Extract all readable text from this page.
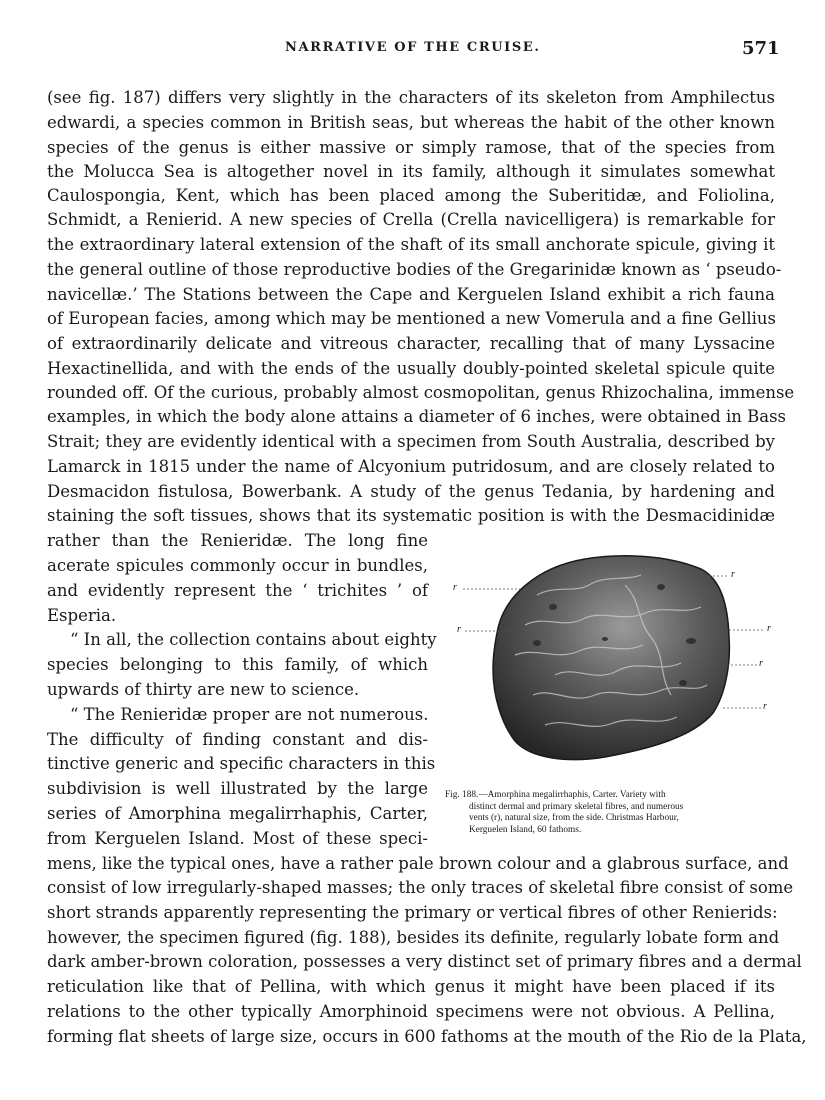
NARRATIVE OF THE CRUISE.	571
(see fig. 187) differs very slightly in the characters of its skeleton from Amphilectus
edwardi, a species common in British seas, but whereas the habit of the other known
species of the genus is either massive or simply ramose, that of the species from
the Molucca Sea is altogether novel in its family, although it simulates somewhat
Caulospongia, Kent, which has been placed among the Suberitidæ, and Foliolina,
Schmidt, a Renierid. A new species of Crella (Crella navicelligera) is remarkable for
the extraordinary lateral extension of the shaft of its small anchorate spicule, giving it
the general outline of those reproductive bodies of the Gregarinidæ known as ‘ pseudo-
navicellæ.’ The Stations between the Cape and Kerguelen Island exhibit a rich fauna
of European facies, among which may be mentioned a new Vomerula and a fine Gellius
of extraordinarily delicate and vitreous character, recalling that of many Lyssacine
Hexactinellida, and with the ends of the usually doubly-pointed skeletal spicule quite
rounded off. Of the curious, probably almost cosmopolitan, genus Rhizochalina, immense
examples, in which the body alone attains a diameter of 6 inches, were obtained in Bass
Strait; they are evidently identical with a specimen from South Australia, described by
Lamarck in 1815 under the name of Alcyonium putridosum, and are closely related to
Desmacidon fistulosa, Bowerbank. A study of the genus Tedania, by hardening and
staining the soft tissues, shows that its systematic position is with the Desmacidinidæ
rather than the Renieridæ. The long fine
acerate spicules commonly occur in bundles,
and evidently represent the ‘ trichites ’ of
Esperia.
“ In all, the collection contains about eighty
species belonging to this family, of which
upwards of thirty are new to science.
“ The Renieridæ proper are not numerous.
The difficulty of finding constant and dis-
tinctive generic and specific characters in this
subdivision is well illustrated by the large
series of Amorphina megalirrhaphis, Carter,
from Kerguelen Island. Most of these speci-
mens, like the typical ones, have a rather pale brown colour and a glabrous surface, and
consist of low irregularly-shaped masses; the only traces of skeletal fibre consist of some
short strands apparently representing the primary or vertical fibres of other Renierids:
however, the specimen figured (fig. 188), besides its definite, regularly lobate form and
dark amber-brown coloration, possesses a very distinct set of primary fibres and a dermal
reticulation like that of Pellina, with which genus it might have been placed if its
relations to the other typically Amorphinoid specimens were not obvious. A Pellina,
forming flat sheets of large size, occurs in 600 fathoms at the mouth of the Rio de la Plata,
r
r
r
r
r
r
Fig. 188.—Amorphina megalirrhaphis, Carter. Variety with
distinct dermal and primary skeletal fibres, and numerous
vents (r), natural size, from the side. Christmas Harbour,
Kerguelen Island, 60 fathoms.
